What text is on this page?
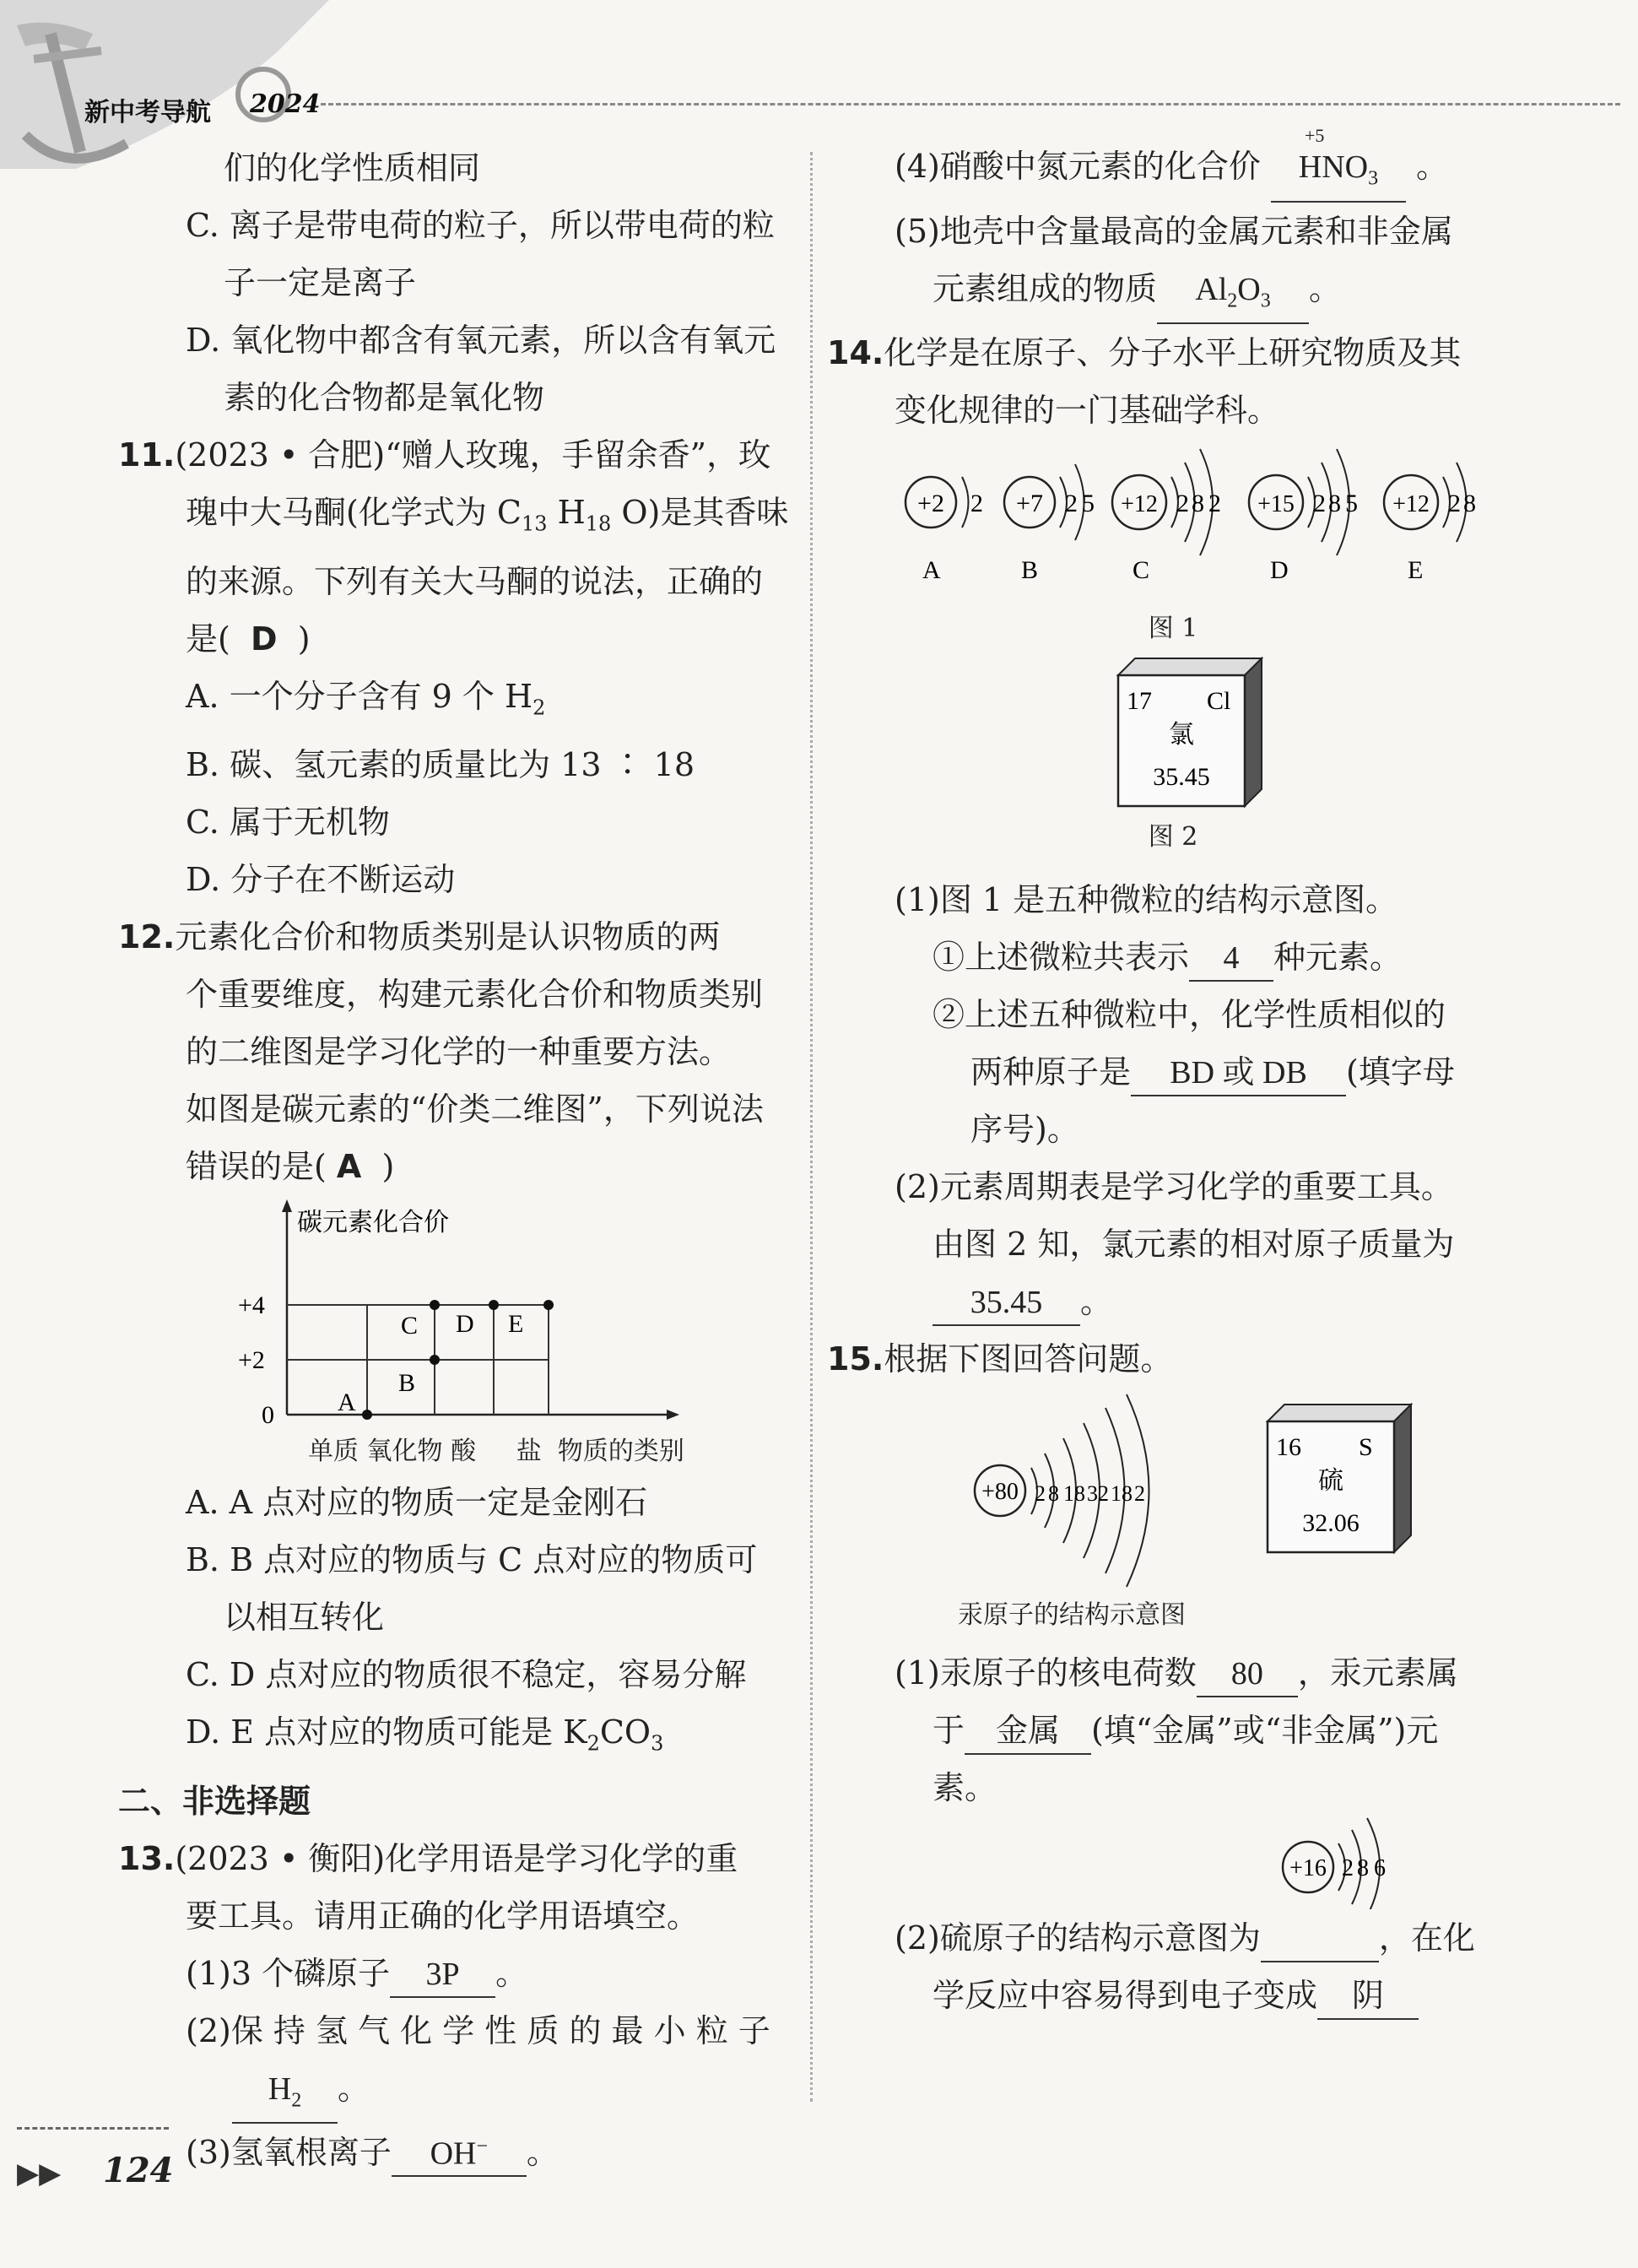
新中考导航 2024
们的化学性质相同
C. 离子是带电荷的粒子，所以带电荷的粒
子一定是离子
D. 氧化物中都含有氧元素，所以含有氧元
素的化合物都是氧化物
11.(2023 • 合肥)“赠人玫瑰，手留余香”，玫
瑰中大马酮(化学式为 $C_{13}$ $H_{18}$ O)是其香味
的来源。下列有关大马酮的说法，正确的
是( D )
A. 一个分子含有 9 个 $H_2$
B. 碳、氢元素的质量比为 13 ∶ 18
C. 属于无机物
D. 分子在不断运动
12.元素化合价和物质类别是认识物质的两
个重要维度，构建元素化合价和物质类别
的二维图是学习化学的一种重要方法。
如图是碳元素的“价类二维图”，下列说法
错误的是( A )
碳元素化合价
+4
+2
0	A
B
C D E
单质 氧化物 酸 盐 物质的类别
A. A 点对应的物质一定是金刚石
B. B 点对应的物质与 C 点对应的物质可
以相互转化
C. D 点对应的物质很不稳定，容易分解
D. E 点对应的物质可能是 $K_2CO_3$
二、非选择题
13.(2023 • 衡阳)化学用语是学习化学的重
要工具。请用正确的化学用语填空。
(1)3 个磷原子 3P 。
(2)保 持 氢 气 化 学 性 质 的 最 小 粒 子
$H_2$ 。
(3)氢氧根离子 OH− 。
(4)硝酸中氮元素的化合价
+5
$HNO_3$ 。
(5)地壳中含量最高的金属元素和非金属
元素组成的物质 $Al_2O_3$ 。
14.化学是在原子、分子水平上研究物质及其
变化规律的一门基础学科。
+2 2
A
+7 2 5
B
+12 2 8 2
C
+15 2 8 5
D
+12 2 8
E
图 1
17 Cl
氯
35.45
图 2
(1)图 1 是五种微粒的结构示意图。
①上述微粒共表示 4 种元素。
②上述五种微粒中，化学性质相似的
两种原子是 BD 或 DB (填字母
序号)。
(2)元素周期表是学习化学的重要工具。
由图 2 知，氯元素的相对原子质量为
35.45 。
15.根据下图回答问题。
+80 2 8 18 32 18 2
16 S
硫
32.06
汞原子的结构示意图
(1)汞原子的核电荷数 80 ，汞元素属
于 金属 (填“金属”或“非金属”)元
素。
+16 2 8 6
(2)硫原子的结构示意图为	，在化
学反应中容易得到电子变成 阴
▶▶ 124
